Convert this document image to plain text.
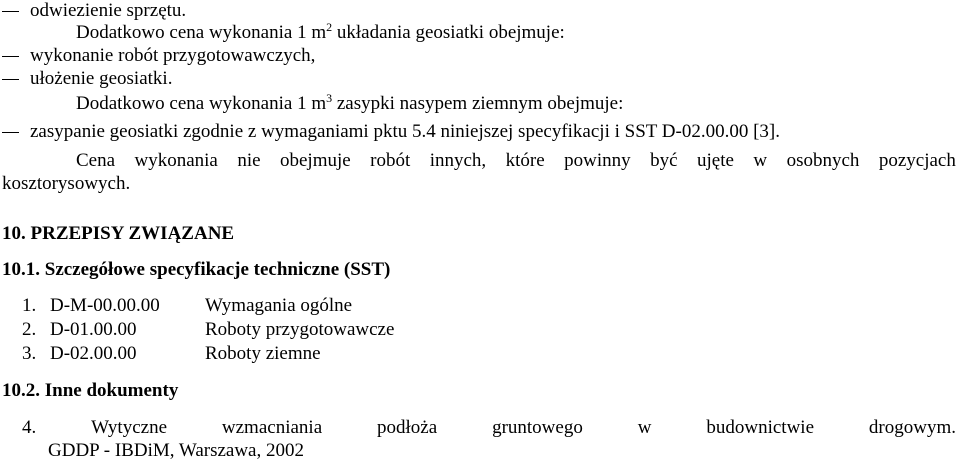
odwiezienie sprzętu.
Dodatkowo cena wykonania 1 $m^2$ układania geosiatki obejmuje:
wykonanie robót przygotowawczych,
ułożenie geosiatki.
Dodatkowo cena wykonania 1 $m^3$ zasypki nasypem ziemnym obejmuje:
zasypanie geosiatki zgodnie z wymaganiami pktu 5.4 niniejszej specyfikacji i SST D-02.00.00 [3].
Cena wykonania nie obejmuje robót innych, które powinny być ujęte w osobnych pozycjach
kosztorysowych.
10. PRZEPISY ZWIĄZANE
10.1. Szczegółowe specyfikacje techniczne (SST)
1. D-M-00.00.00 Wymagania ogólne
2. D-01.00.00	Roboty przygotowawcze
3. D-02.00.00	Roboty ziemne
10.2. Inne dokumenty
4.	Wytyczne	wzmacniania	podłoża	gruntowego	w	budownictwie	drogowym.
GDDP - IBDiM, Warszawa, 2002
